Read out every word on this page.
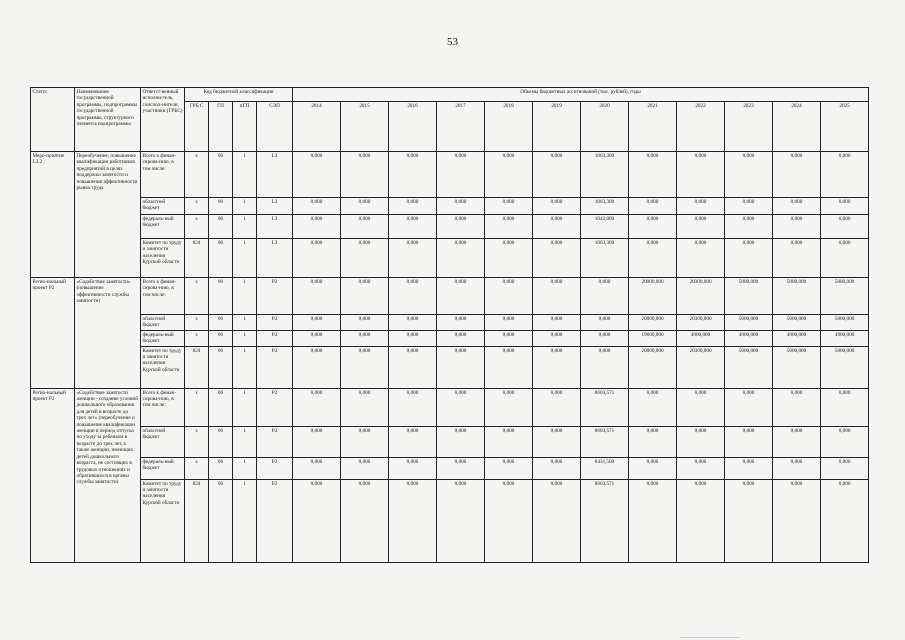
53
Статус	Наименование государственной программы, подпрограммы государственной программы, структурного элемента подпрограммы	Ответст-венный исполни-тель, соиспол-нители, участники (ГРБС)	Код бюджетной классификации				Объемы бюджетных ассигнований (тыс. рублей), годы											
			ГРБ С	ГП	пГП	СЭП	2014	2015	2016	2017	2018	2019	2020	2021	2022	2023	2024	2025
Меро-приятие L3.2	Переобучение, повышение квалификации работников предприятий в целях поддержки занятости и повышения эффективности рынка труда	Всего к финан-сирова-нию, в том числе:	х	06	1	L3	0,000	0,000	0,000	0,000	0,000	0,000	1063,300	0,000	0,000	0,000	0,000	0,000
		областной бюджет	х	06	1	L3	0,000	0,000	0,000	0,000	0,000	0,000	1063,300	0,000	0,000	0,000	0,000	0,000
		федераль-ный бюджет	х	06	1	L3	0,000	0,000	0,000	0,000	0,000	0,000	1042,000	0,000	0,000	0,000	0,000	0,000
		Комитет по труду и занятости населения Курской области	824	06	1	L3	0,000	0,000	0,000	0,000	0,000	0,000	1063,300	0,000	0,000	0,000	0,000	0,000
Регио-нальный проект P2	«Содействие занятости» (повышение эффективности службы занятости)	Всего к финан-сирова-нию, в том числе:	х	06	1	P2	0,000	0,000	0,000	0,000	0,000	0,000	0,000	20000,000	20300,000	5000,000	5000,000	5000,000
		областной бюджет	х	06	1	P2	0,000	0,000	0,000	0,000	0,000	0,000	0,000	20000,000	20300,000	5000,000	5000,000	5000,000
		федераль-ный бюджет	х	06	1	P2	0,000	0,000	0,000	0,000	0,000	0,000	0,000	19600,000	4900,000	4900,000	4900,000	4900,000
		Комитет по труду и занятости населения Курской области	824	06	1	P2	0,000	0,000	0,000	0,000	0,000	0,000	0,000	20000,000	20300,000	5000,000	5000,000	5000,000
Регио-нальный проект P2	«Содействие занятости женщин - создание условий дошкольного образования для детей в возрасте до трех лет» (переобучение и повышение квалификации женщин в период отпуска по уходу за ребенком в возрасте до трех лет, а также женщин, имеющих детей дошкольного возраста, не состоящих в трудовых отношениях и обратившихся в органы службы занятости)	Всего к финан-сирова-нию, в том числе:	х	06	1	P2	0,000	0,000	0,000	0,000	0,000	0,000	8603,571	0,000	0,000	0,000	0,000	0,000
		областной бюджет	х	06	1	P2	0,000	0,000	0,000	0,000	0,000	0,000	8603,571	0,000	0,000	0,000	0,000	0,000
		федераль-ный бюджет	х	06	1	P2	0,000	0,000	0,000	0,000	0,000	0,000	8431,500	0,000	0,000	0,000	0,000	0,000
		Комитет по труду и занятости населения Курской области	824	06	1	P2	0,000	0,000	0,000	0,000	0,000	0,000	8603,571	0,000	0,000	0,000	0,000	0,000
